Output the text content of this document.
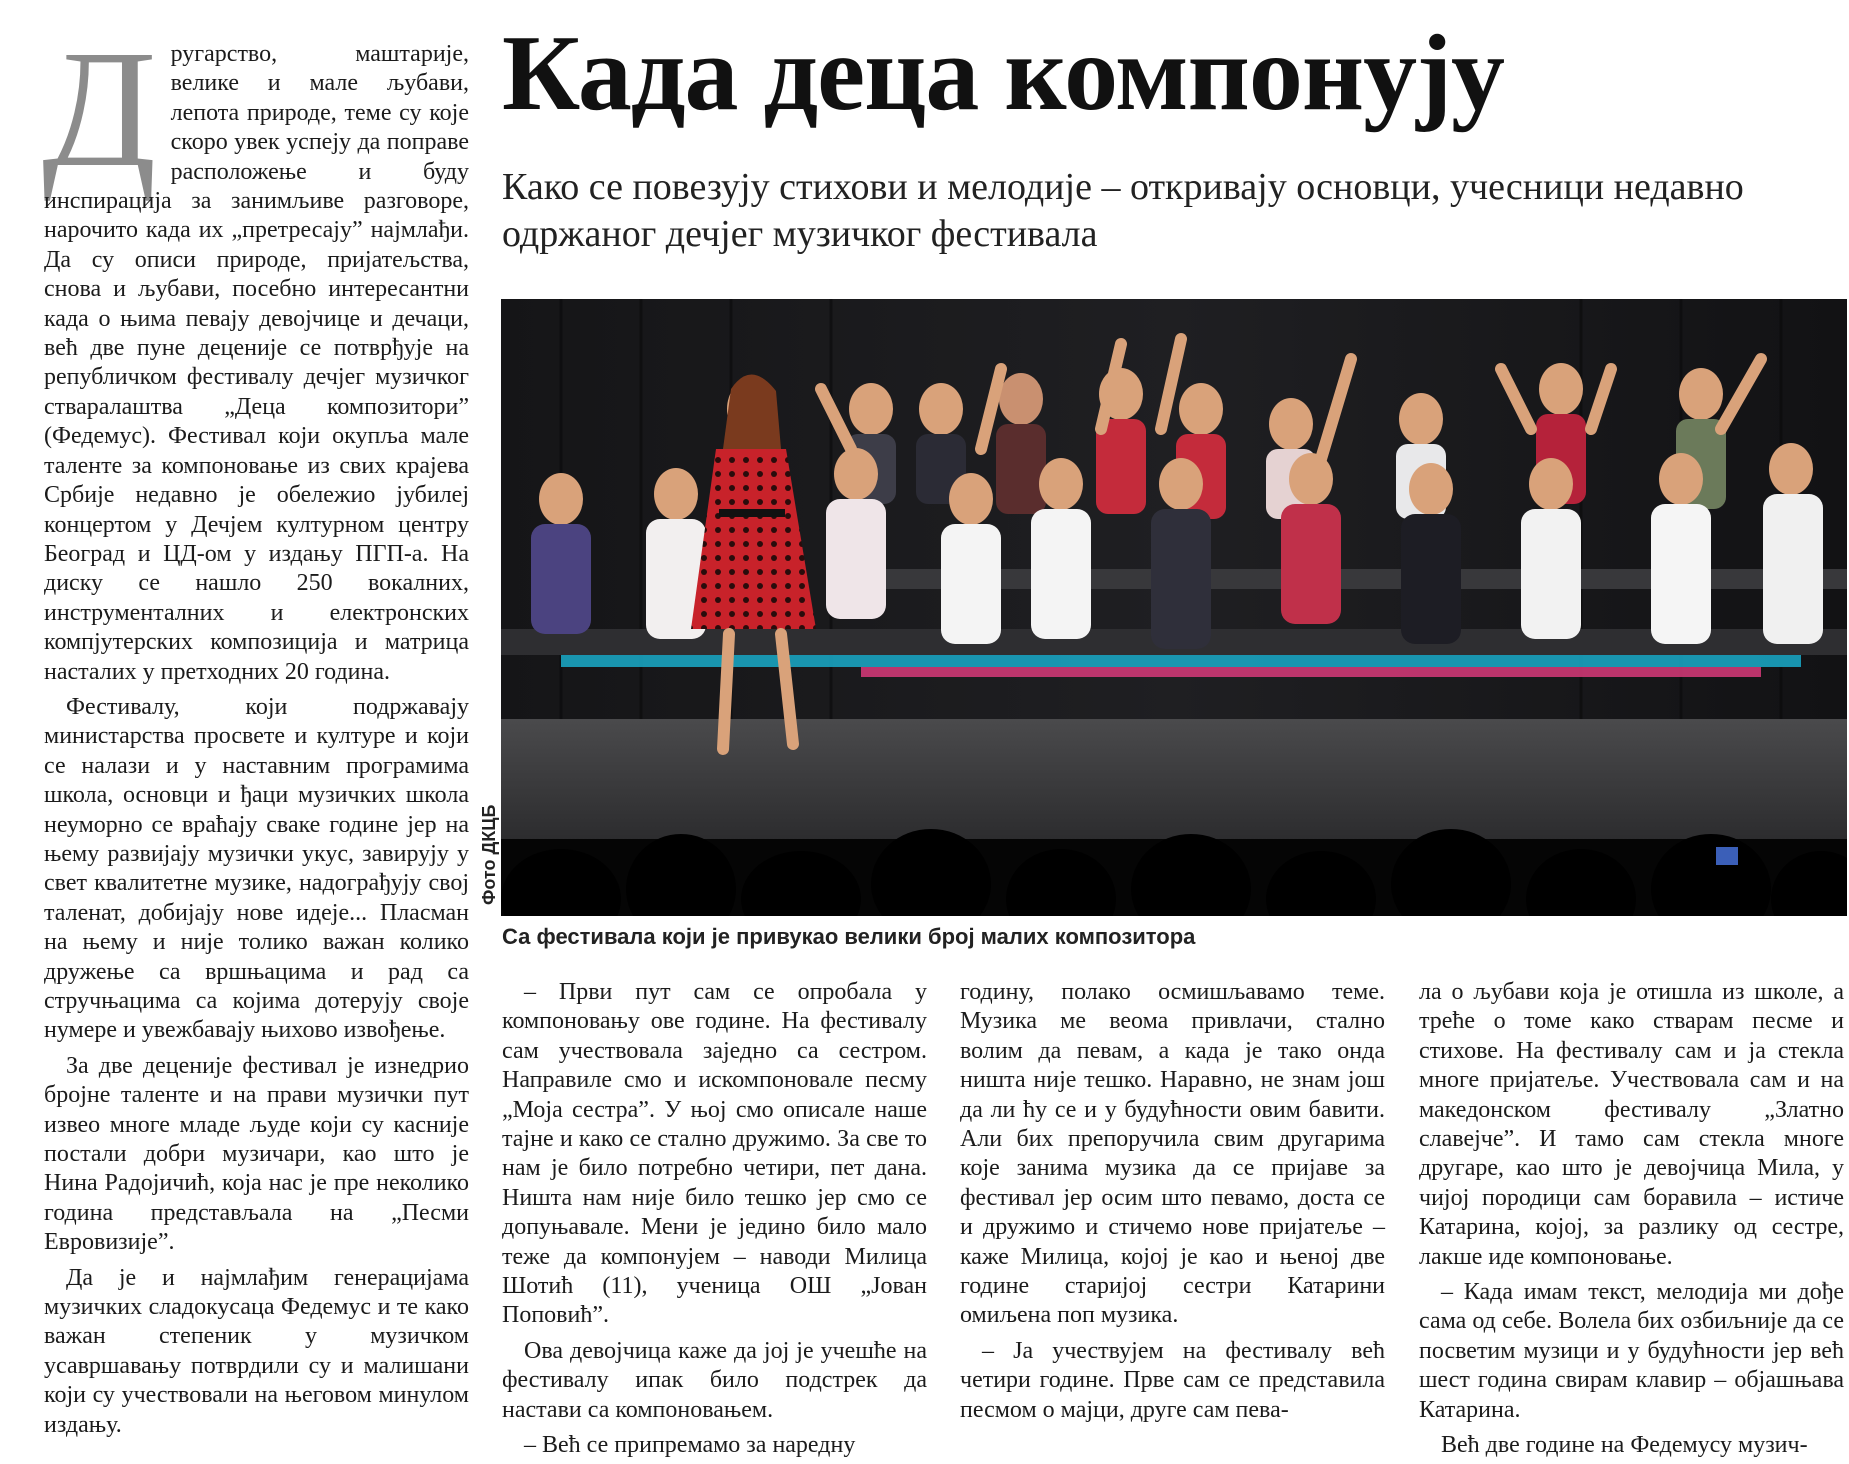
Када деца компонују

Како се повезују стихови и мелодије – откривају основци, учесници недавно одржаног дечјег музичког фестивала

Д ругарство, маштарије, велике и мале љубави, лепота природе, теме су које скоро увек успеју да поправе расположење и буду инспирација за занимљиве разговоре, нарочито када их „претресају” најмлађи. Да су описи природе, пријатељства, снова и љубави, посебно интересантни када о њима певају девојчице и дечаци, већ две пуне деценије се потврђује на републичком фестивалу дечјег музичког стваралаштва „Деца композитори” (Федемус). Фестивал који окупља мале таленте за компоновање из свих крајева Србије недавно је обележио јубилеј концертом у Дечјем културном центру Београд и ЦД-ом у издању ПГП-а. На диску се нашло 250 вокалних, инструменталних и електронских компјутерских композиција и матрица насталих у претходних 20 година.

Фестивалу, који подржавају министарства просвете и културе и који се налази и у наставним програмима школа, основци и ђаци музичких школа неуморно се враћају сваке године јер на њему развијају музички укус, завирују у свет квалитетне музике, надограђују свој таленат, добијају нове идеје... Пласман на њему и није толико важан колико дружење са вршњацима и рад са стручњацима са којима дотерују своје нумере и увежбавају њихово извођење.

За две деценије фестивал је изнедрио бројне таленте и на прави музички пут извео многе младе људе који су касније постали добри музичари, као што је Нина Радојичић, која нас је пре неколико година представљала на „Песми Евровизије”.

Да је и најмлађим генерацијама музичких сладокусаца Федемус и те како важан степеник у музичком усавршавању потврдили су и малишани који су учествовали на његовом минулом издању.

Фото ДКЦБ
Са фестивала који је привукао велики број малих композитора

– Први пут сам се опробала у компоновању ове године. На фестивалу сам учествовала заједно са сестром. Направиле смо и искомпоновале песму „Моја сестра”. У њој смо описале наше тајне и како се стално дружимо. За све то нам је било потребно четири, пет дана. Ништа нам није било тешко јер смо се допуњавале. Мени је једино било мало теже да компонујем – наводи Милица Шотић (11), ученица ОШ „Јован Поповић”.

Ова девојчица каже да јој је учешће на фестивалу ипак било подстрек да настави са компоновањем.

– Већ се припремамо за наредну

годину, полако осмишљавамо теме. Музика ме веома привлачи, стално волим да певам, а када је тако онда ништа није тешко. Наравно, не знам још да ли ћу се и у будућности овим бавити. Али бих препоручила свим другарима које занима музика да се пријаве за фестивал јер осим што певамо, доста се и дружимо и стичемо нове пријатеље – каже Милица, којој је као и њеној две године старијој сестри Катарини омиљена поп музика.

– Ја учествујем на фестивалу већ четири године. Прве сам се представила песмом о мајци, друге сам пева-

ла о љубави која је отишла из школе, а треће о томе како стварам песме и стихове. На фестивалу сам и ја стекла многе пријатеље. Учествовала сам и на македонском фестивалу „Златно славејче”. И тамо сам стекла многе другаре, као што је девојчица Мила, у чијој породици сам боравила – истиче Катарина, којој, за разлику од сестре, лакше иде компоновање.

– Када имам текст, мелодија ми дође сама од себе. Волела бих озбиљније да се посветим музици и у будућности јер већ шест година свирам клавир – објашњава Катарина.

Већ две године на Федемусу музич-
